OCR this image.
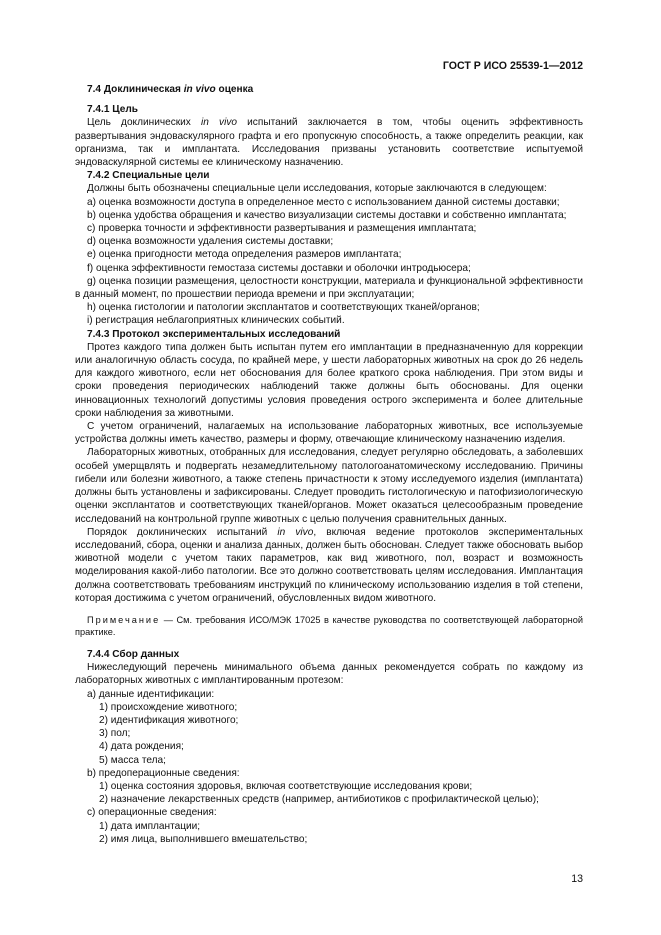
ГОСТ Р ИСО 25539-1—2012

7.4 Доклиническая in vivo оценка

7.4.1 Цель

Цель доклинических in vivo испытаний заключается в том, чтобы оценить эффективность развертывания эндоваскулярного графта и его пропускную способность, а также определить реакции, как организма, так и имплантата. Исследования призваны установить соответствие испытуемой эндоваскулярной системы ее клиническому назначению.

7.4.2 Специальные цели

Должны быть обозначены специальные цели исследования, которые заключаются в следующем:

a) оценка возможности доступа в определенное место с использованием данной системы доставки;

b) оценка удобства обращения и качество визуализации системы доставки и собственно имплантата;

c) проверка точности и эффективности развертывания и размещения имплантата;

d) оценка возможности удаления системы доставки;

e) оценка пригодности метода определения размеров имплантата;

f) оценка эффективности гемостаза системы доставки и оболочки интродьюсера;

g) оценка позиции размещения, целостности конструкции, материала и функциональной эффективности в данный момент, по прошествии периода времени и при эксплуатации;

h) оценка гистологии и патологии эксплантатов и соответствующих тканей/органов;

i) регистрация неблагоприятных клинических событий.

7.4.3 Протокол экспериментальных исследований

Протез каждого типа должен быть испытан путем его имплантации в предназначенную для коррекции или аналогичную область сосуда, по крайней мере, у шести лабораторных животных на срок до 26 недель для каждого животного, если нет обоснования для более краткого срока наблюдения. При этом виды и сроки проведения периодических наблюдений также должны быть обоснованы. Для оценки инновационных технологий допустимы условия проведения острого эксперимента и более длительные сроки наблюдения за животными.

С учетом ограничений, налагаемых на использование лабораторных животных, все используемые устройства должны иметь качество, размеры и форму, отвечающие клиническому назначению изделия.

Лабораторных животных, отобранных для исследования, следует регулярно обследовать, а заболевших особей умерщвлять и подвергать незамедлительному патологоанатомическому исследованию. Причины гибели или болезни животного, а также степень причастности к этому исследуемого изделия (имплантата) должны быть установлены и зафиксированы. Следует проводить гистологическую и патофизиологическую оценки эксплантатов и соответствующих тканей/органов. Может оказаться целесообразным проведение исследований на контрольной группе животных с целью получения сравнительных данных.

Порядок доклинических испытаний in vivo, включая ведение протоколов экспериментальных исследований, сбора, оценки и анализа данных, должен быть обоснован. Следует также обосновать выбор животной модели с учетом таких параметров, как вид животного, пол, возраст и возможность моделирования какой-либо патологии. Все это должно соответствовать целям исследования. Имплантация должна соответствовать требованиям инструкций по клиническому использованию изделия в той степени, которая достижима с учетом ограничений, обусловленных видом животного.

Примечание — См. требования ИСО/МЭК 17025 в качестве руководства по соответствующей лабораторной практике.

7.4.4 Сбор данных

Нижеследующий перечень минимального объема данных рекомендуется собрать по каждому из лабораторных животных с имплантированным протезом:

a) данные идентификации:

1) происхождение животного;

2) идентификация животного;

3) пол;

4) дата рождения;

5) масса тела;

b) предоперационные сведения:

1) оценка состояния здоровья, включая соответствующие исследования крови;

2) назначение лекарственных средств (например, антибиотиков с профилактической целью);

c) операционные сведения:

1) дата имплантации;

2) имя лица, выполнившего вмешательство;

13
